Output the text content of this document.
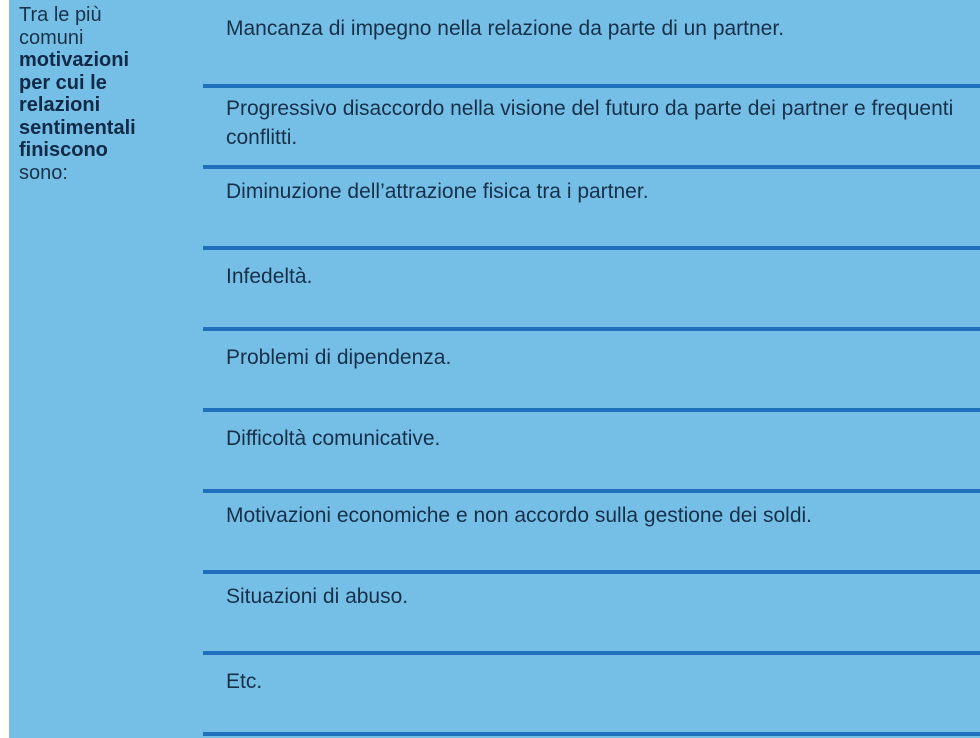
Tra le più
comuni
motivazioni
per cui le
relazioni
sentimentali
finiscono
sono:
Mancanza di impegno nella relazione da parte di un partner.
Progressivo disaccordo nella visione del futuro da parte dei partner e frequenti conflitti.
Diminuzione dell’attrazione fisica tra i partner.
Infedeltà.
Problemi di dipendenza.
Difficoltà comunicative.
Motivazioni economiche e non accordo sulla gestione dei soldi.
Situazioni di abuso.
Etc.
